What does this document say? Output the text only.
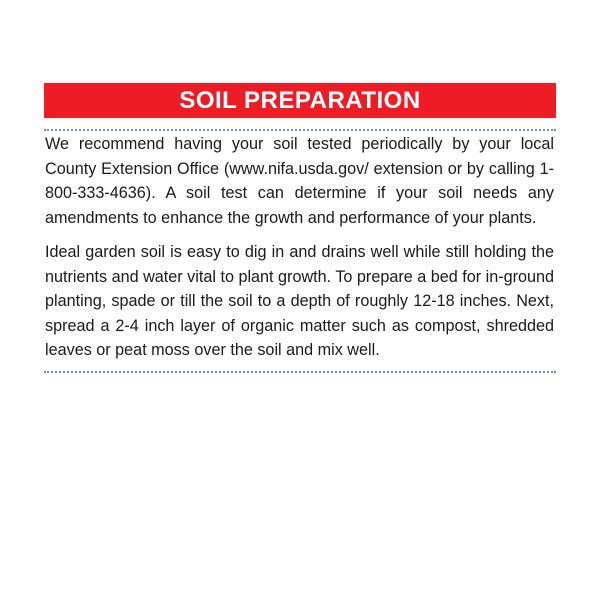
SOIL PREPARATION

We recommend having your soil tested periodically by your local County Extension Office (www.nifa.usda.gov/ extension or by calling 1-800-333-4636). A soil test can determine if your soil needs any amendments to enhance the growth and performance of your plants.

Ideal garden soil is easy to dig in and drains well while still holding the nutrients and water vital to plant growth. To prepare a bed for in-ground planting, spade or till the soil to a depth of roughly 12-18 inches. Next, spread a 2-4 inch layer of organic matter such as compost, shredded leaves or peat moss over the soil and mix well.
